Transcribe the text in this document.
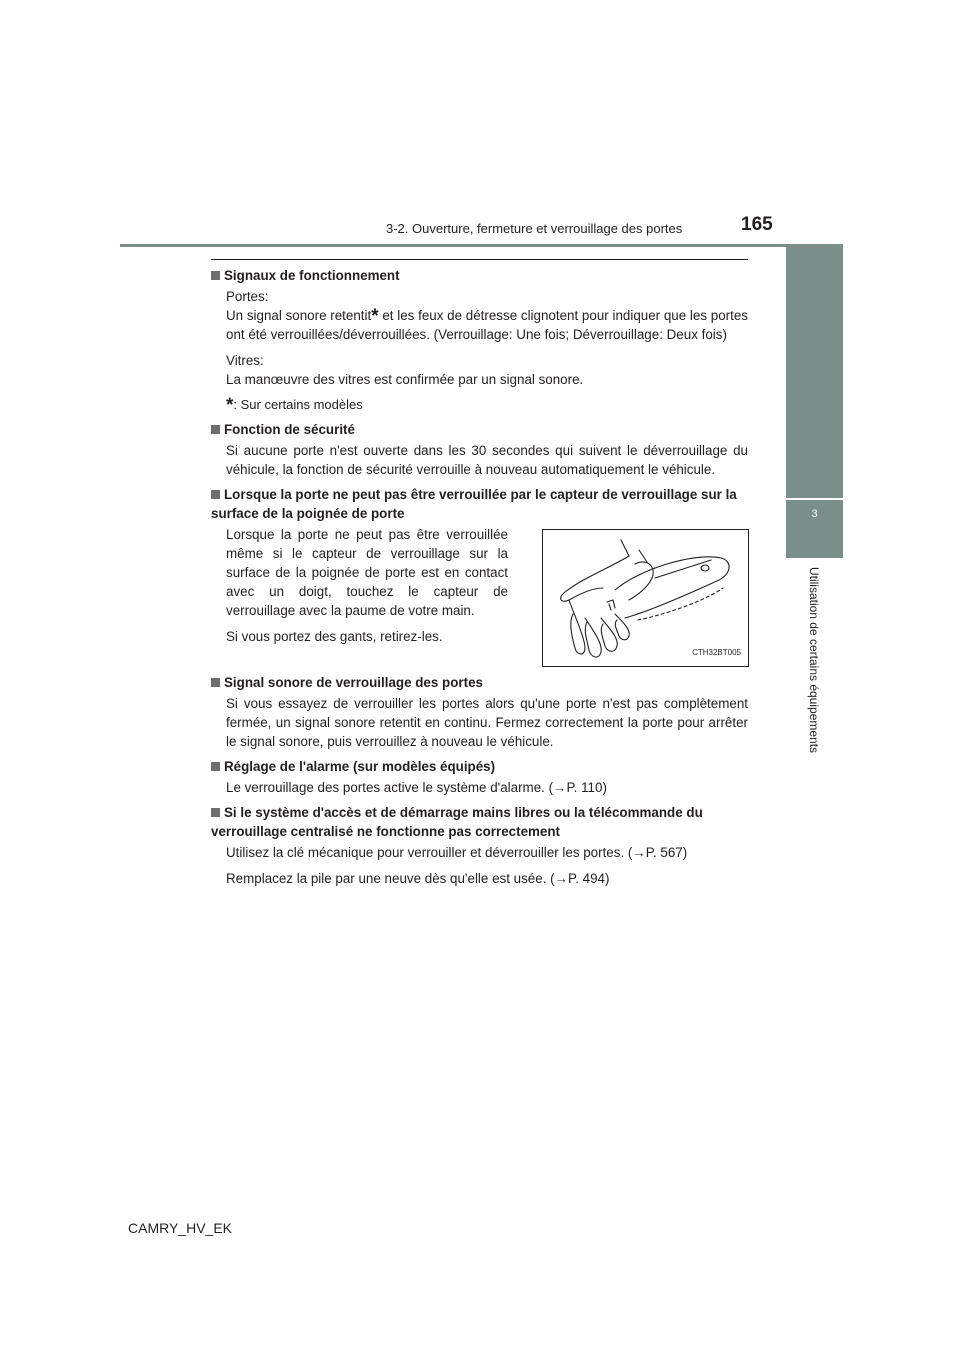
3-2. Ouverture, fermeture et verrouillage des portes	165
3
Utilisation de certains équipements

Signaux de fonctionnement

Portes:
Un signal sonore retentit* et les feux de détresse clignotent pour indiquer que les portes ont été verrouillées/déverrouillées. (Verrouillage: Une fois; Déverrouillage: Deux fois)
Vitres:
La manœuvre des vitres est confirmée par un signal sonore.
*: Sur certains modèles

Fonction de sécurité

Si aucune porte n'est ouverte dans les 30 secondes qui suivent le déverrouillage du véhicule, la fonction de sécurité verrouille à nouveau automatiquement le véhicule.

Lorsque la porte ne peut pas être verrouillée par le capteur de verrouillage sur la surface de la poignée de porte

Lorsque la porte ne peut pas être verrouillée même si le capteur de verrouillage sur la surface de la poignée de porte est en contact avec un doigt, touchez le capteur de verrouillage avec la paume de votre main.
Si vous portez des gants, retirez-les.
CTH32BT005

Signal sonore de verrouillage des portes

Si vous essayez de verrouiller les portes alors qu'une porte n'est pas complètement fermée, un signal sonore retentit en continu. Fermez correctement la porte pour arrêter le signal sonore, puis verrouillez à nouveau le véhicule.

Réglage de l'alarme (sur modèles équipés)

Le verrouillage des portes active le système d'alarme. (→P. 110)

Si le système d'accès et de démarrage mains libres ou la télécommande du verrouillage centralisé ne fonctionne pas correctement

Utilisez la clé mécanique pour verrouiller et déverrouiller les portes. (→P. 567)
Remplacez la pile par une neuve dès qu'elle est usée. (→P. 494)
CAMRY_HV_EK
